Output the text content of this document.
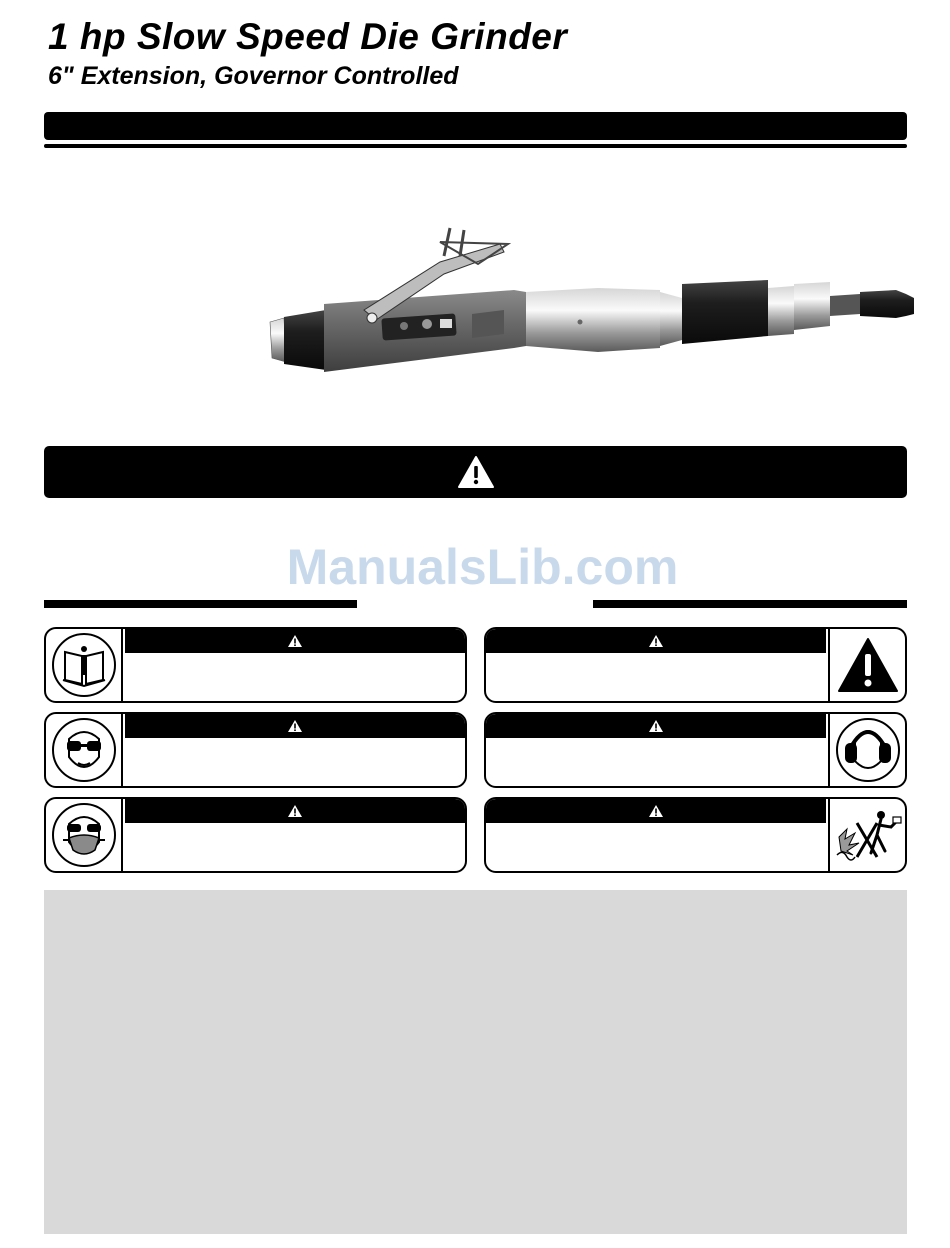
1 hp Slow Speed Die Grinder
6" Extension, Governor Controlled
ManualsLib.com
